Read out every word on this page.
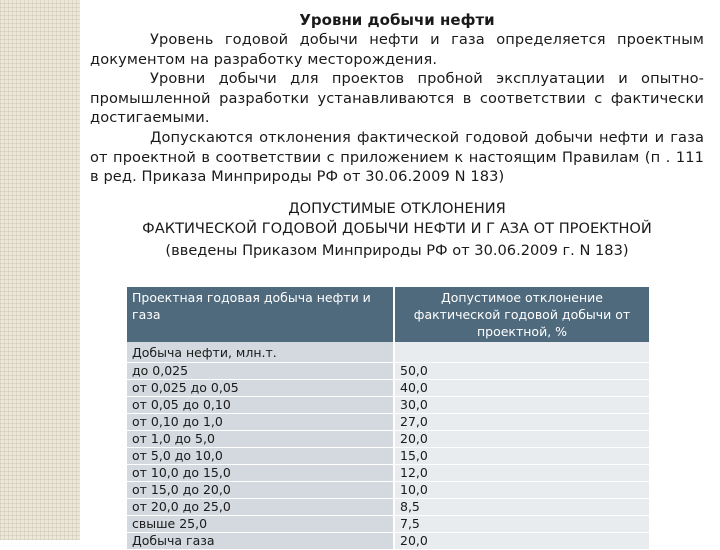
Уровни добычи нефти

Уровень годовой добычи нефти и газа определяется проектным документом на разработку месторождения.

Уровни добычи для проектов пробной эксплуатации и опытно-промышленной разработки устанавливаются в соответствии с фактически достигаемыми.

Допускаются отклонения фактической годовой добычи нефти и газа от проектной в соответствии с приложением к настоящим Правилам (п . 111 в ред. Приказа Минприроды РФ от 30.06.2009 N 183)

ДОПУСТИМЫЕ ОТКЛОНЕНИЯ

ФАКТИЧЕСКОЙ ГОДОВОЙ ДОБЫЧИ НЕФТИ И Г АЗА ОТ ПРОЕКТНОЙ

(введены Приказом Минприроды РФ от 30.06.2009 г. N 183)

Проектная годовая добыча нефти и газа	Допустимое отклонение фактической годовой добычи от проектной, %
Добыча нефти, млн.т.	
до 0,025	50,0
от 0,025 до 0,05	40,0
от 0,05 до 0,10	30,0
от 0,10 до 1,0	27,0
от 1,0 до 5,0	20,0
от 5,0 до 10,0	15,0
от 10,0 до 15,0	12,0
от 15,0 до 20,0	10,0
от 20,0 до 25,0	8,5
свыше 25,0	7,5
Добыча газа	20,0
